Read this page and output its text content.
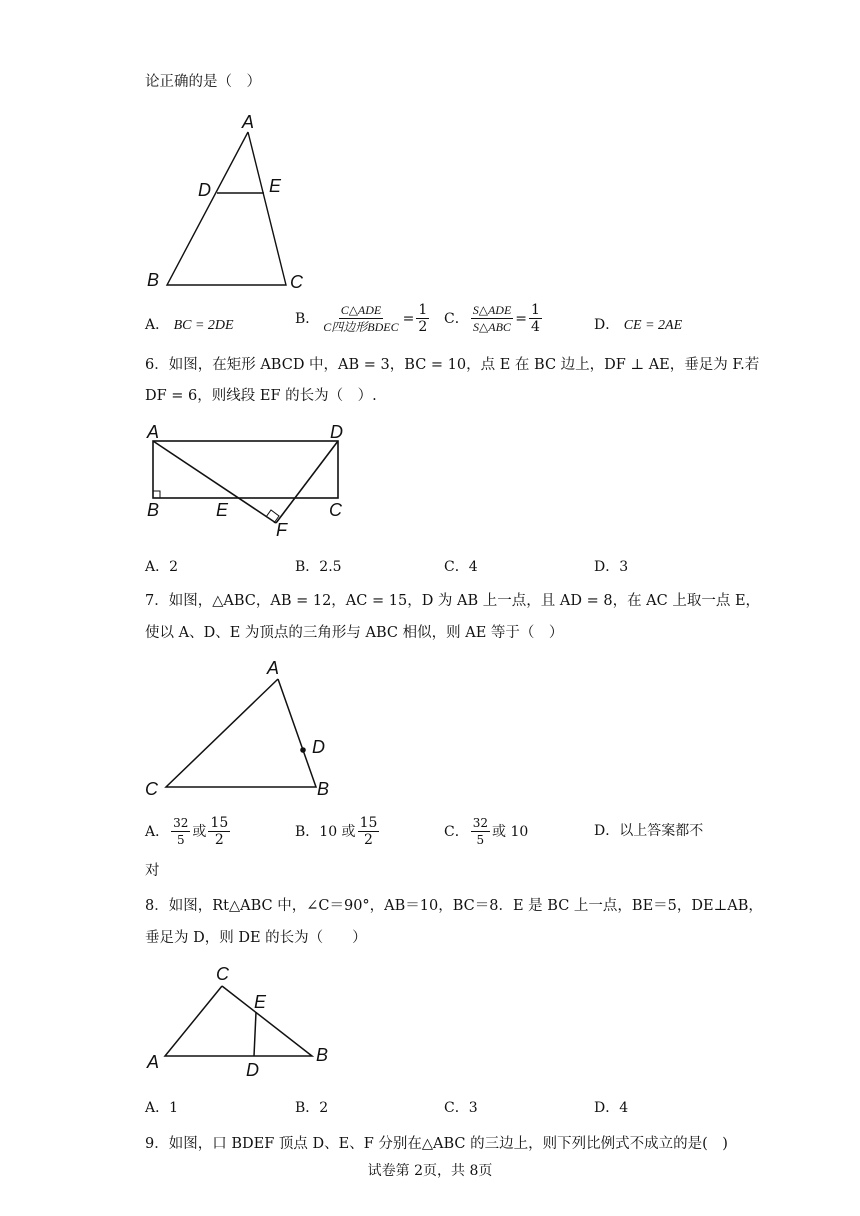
论正确的是（　）
A
D	E
B	C
A． BC = 2DE	B． $\frac{\text{C△ADE}}{\text{C四边形BDEC}} = \frac{1}{2}$ C． $\frac{\text{S△ADE}}{\text{S△ABC}} = \frac{1}{4}$	D． CE = 2AE
6．如图，在矩形 ABCD 中，AB = 3，BC = 10，点 E 在 BC 边上，DF ⊥ AE，垂足为 F.若
DF = 6，则线段 EF 的长为（　）.
A	D
B	E
F
C
A．2	B．2.5	C．4	D．3
7．如图，△ABC，AB = 12，AC = 15，D 为 AB 上一点，且 AD = 8，在 AC 上取一点 E，
使以 A、D、E 为顶点的三角形与 ABC 相似，则 AE 等于（　）
A
D
C	B
A． $\frac{32}{5}$ 或 $\frac{15}{2}$	B． 10 或 $\frac{15}{2}$	C． $\frac{32}{5}$ 或 10	D．以上答案都不
对
8．如图，Rt△ABC 中，∠C＝90°，AB＝10，BC＝8．E 是 BC 上一点，BE＝5，DE⊥AB，
垂足为 D，则 DE 的长为（　　）
C
E
A	B
D
A．1	B．2	C．3	D．4
9．如图，口 BDEF 顶点 D、E、F 分别在△ABC 的三边上，则下列比例式不成立的是(　)
试卷第 2页，共 8页
